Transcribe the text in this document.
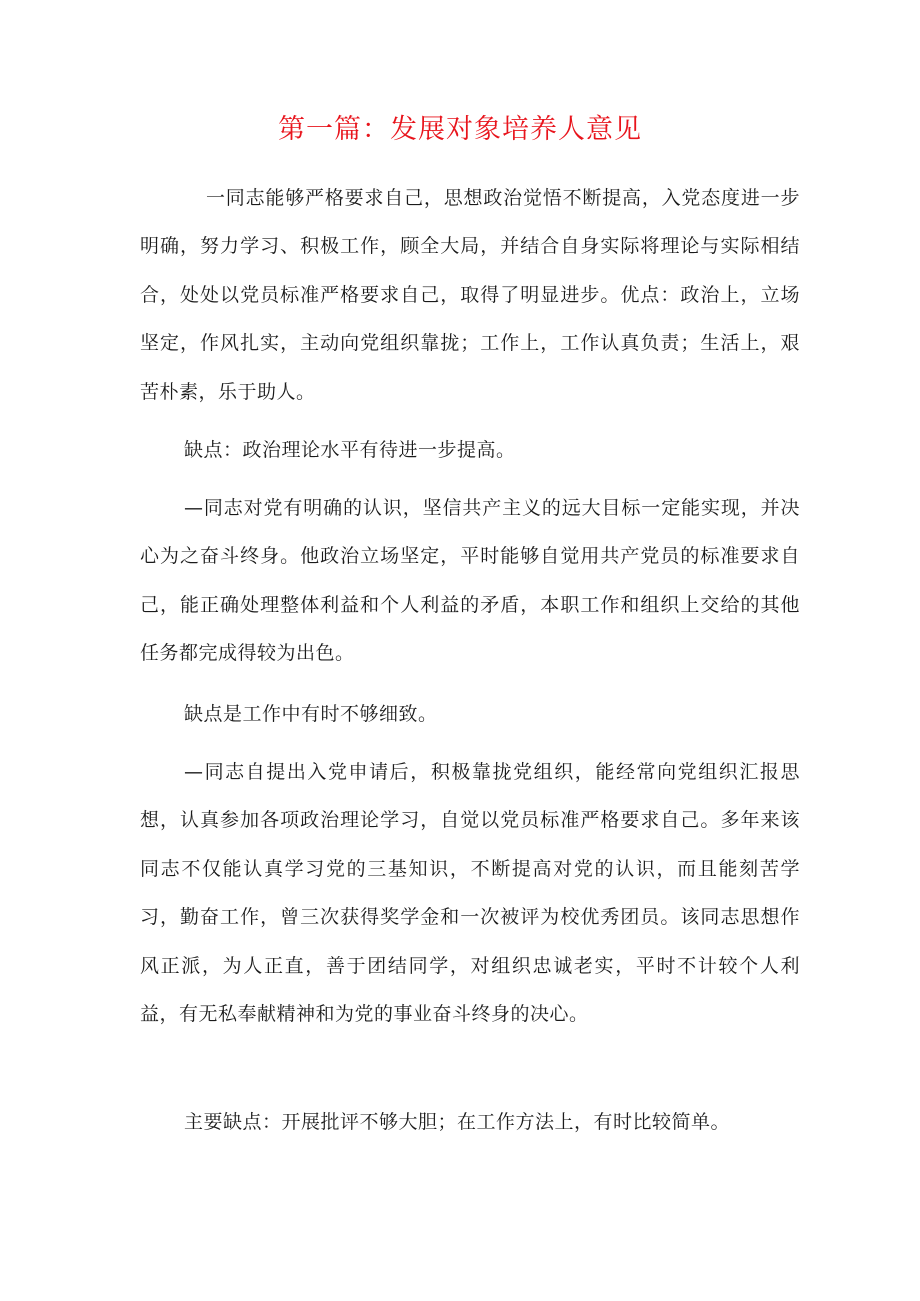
第一篇：发展对象培养人意见

一同志能够严格要求自己，思想政治觉悟不断提高，入党态度进一步明确，努力学习、积极工作，顾全大局，并结合自身实际将理论与实际相结合，处处以党员标准严格要求自己，取得了明显进步。优点：政治上，立场坚定，作风扎实，主动向党组织靠拢；工作上，工作认真负责；生活上，艰苦朴素，乐于助人。

缺点：政治理论水平有待进一步提高。

—同志对党有明确的认识，坚信共产主义的远大目标一定能实现，并决心为之奋斗终身。他政治立场坚定，平时能够自觉用共产党员的标准要求自己，能正确处理整体利益和个人利益的矛盾，本职工作和组织上交给的其他任务都完成得较为出色。

缺点是工作中有时不够细致。

—同志自提出入党申请后，积极靠拢党组织，能经常向党组织汇报思想，认真参加各项政治理论学习，自觉以党员标准严格要求自己。多年来该同志不仅能认真学习党的三基知识，不断提高对党的认识，而且能刻苦学习，勤奋工作，曾三次获得奖学金和一次被评为校优秀团员。该同志思想作风正派，为人正直，善于团结同学，对组织忠诚老实，平时不计较个人利益，有无私奉献精神和为党的事业奋斗终身的决心。

主要缺点：开展批评不够大胆；在工作方法上，有时比较简单。
